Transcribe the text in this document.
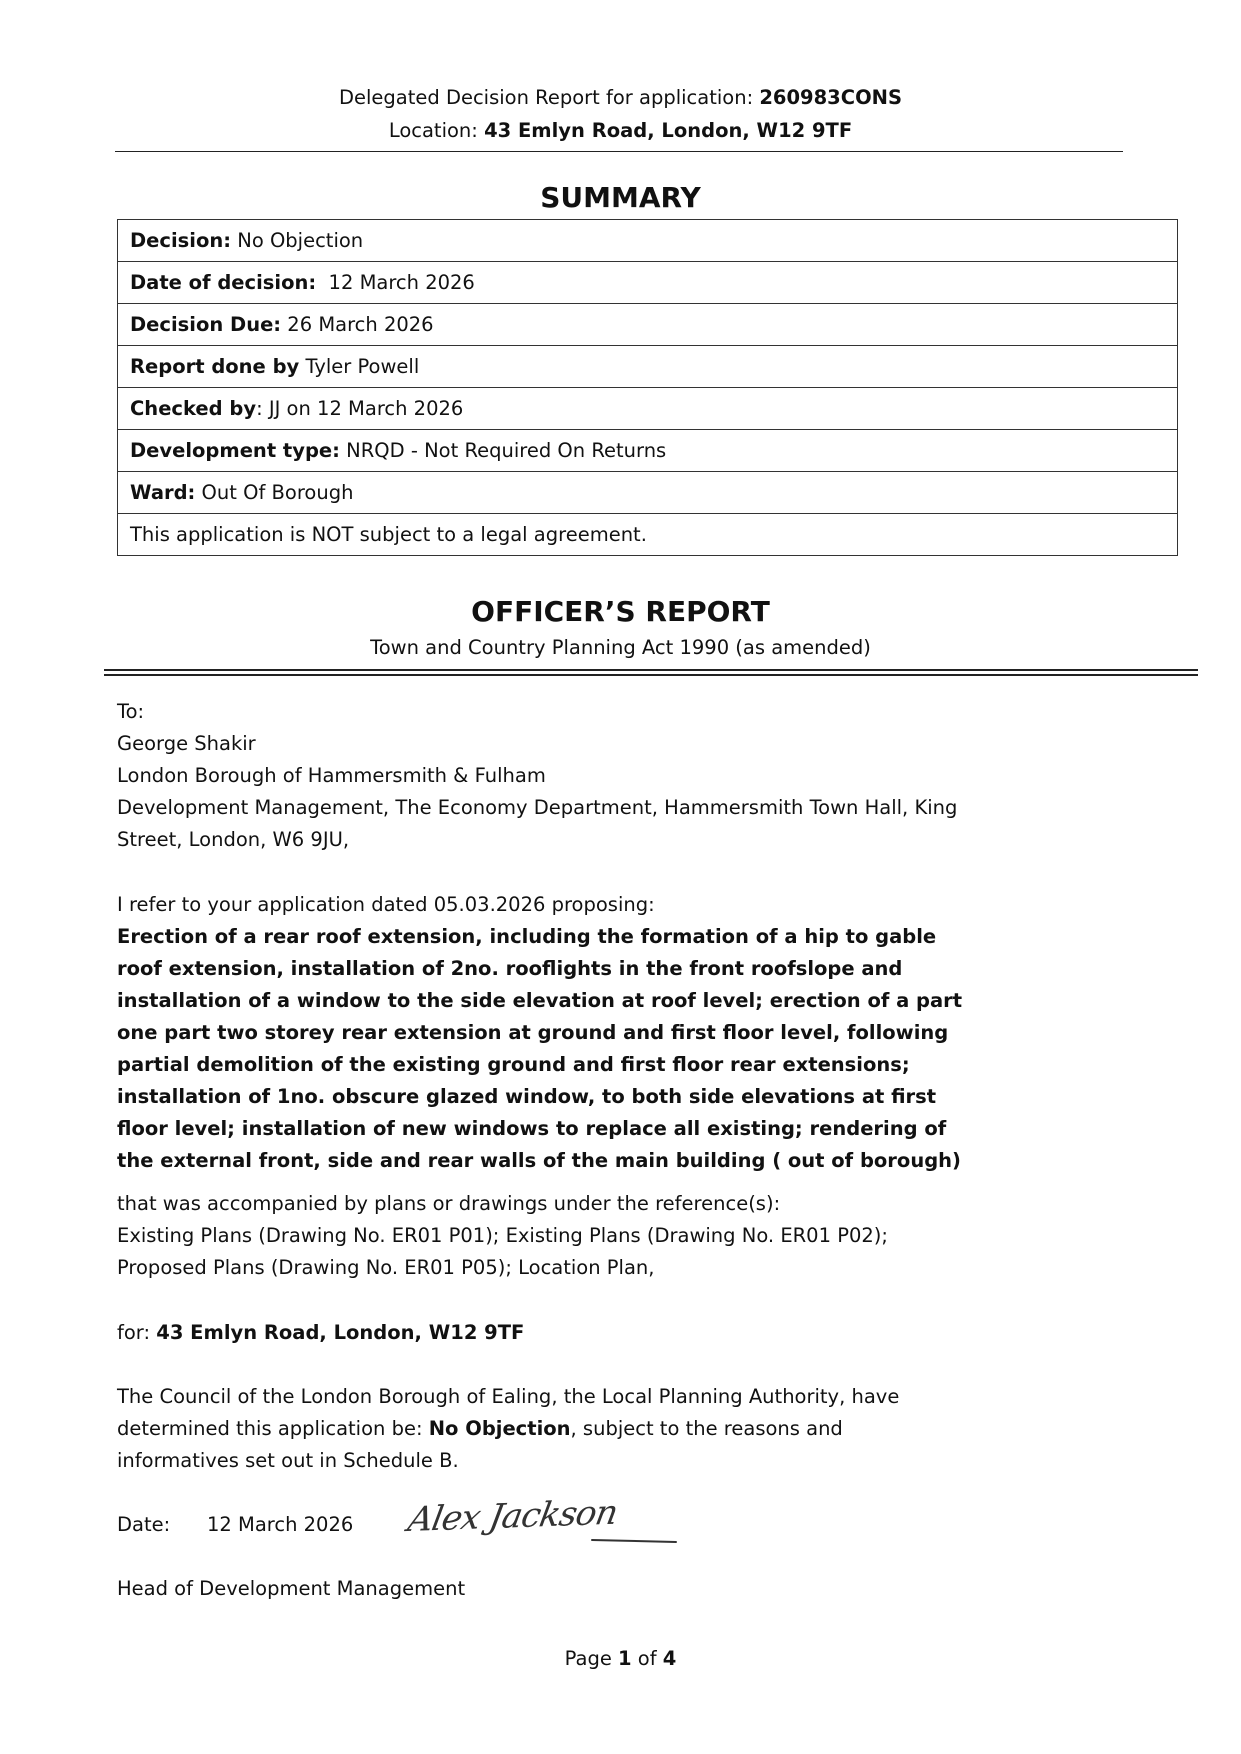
Delegated Decision Report for application: 260983CONS
Location: 43 Emlyn Road, London, W12 9TF
SUMMARY
Decision: No Objection
Date of decision:  12 March 2026
Decision Due: 26 March 2026
Report done by Tyler Powell
Checked by: JJ on 12 March 2026
Development type: NRQD - Not Required On Returns
Ward: Out Of Borough
This application is NOT subject to a legal agreement.
OFFICER’S REPORT
Town and Country Planning Act 1990 (as amended)
To:
George Shakir
London Borough of Hammersmith & Fulham
Development Management, The Economy Department, Hammersmith Town Hall, King
Street, London, W6 9JU,
I refer to your application dated 05.03.2026 proposing:
Erection of a rear roof extension, including the formation of a hip to gable
roof extension, installation of 2no. rooflights in the front roofslope and
installation of a window to the side elevation at roof level; erection of a part
one part two storey rear extension at ground and first floor level, following
partial demolition of the existing ground and first floor rear extensions;
installation of 1no. obscure glazed window, to both side elevations at first
floor level; installation of new windows to replace all existing; rendering of
the external front, side and rear walls of the main building ( out of borough)
that was accompanied by plans or drawings under the reference(s):
Existing Plans (Drawing No. ER01 P01); Existing Plans (Drawing No. ER01 P02);
Proposed Plans (Drawing No. ER01 P05); Location Plan,
for: 43 Emlyn Road, London, W12 9TF
The Council of the London Borough of Ealing, the Local Planning Authority, have
determined this application be: No Objection, subject to the reasons and
informatives set out in Schedule B.
Date: 12 March 2026 Alex Jackson
Head of Development Management
Page 1 of 4
